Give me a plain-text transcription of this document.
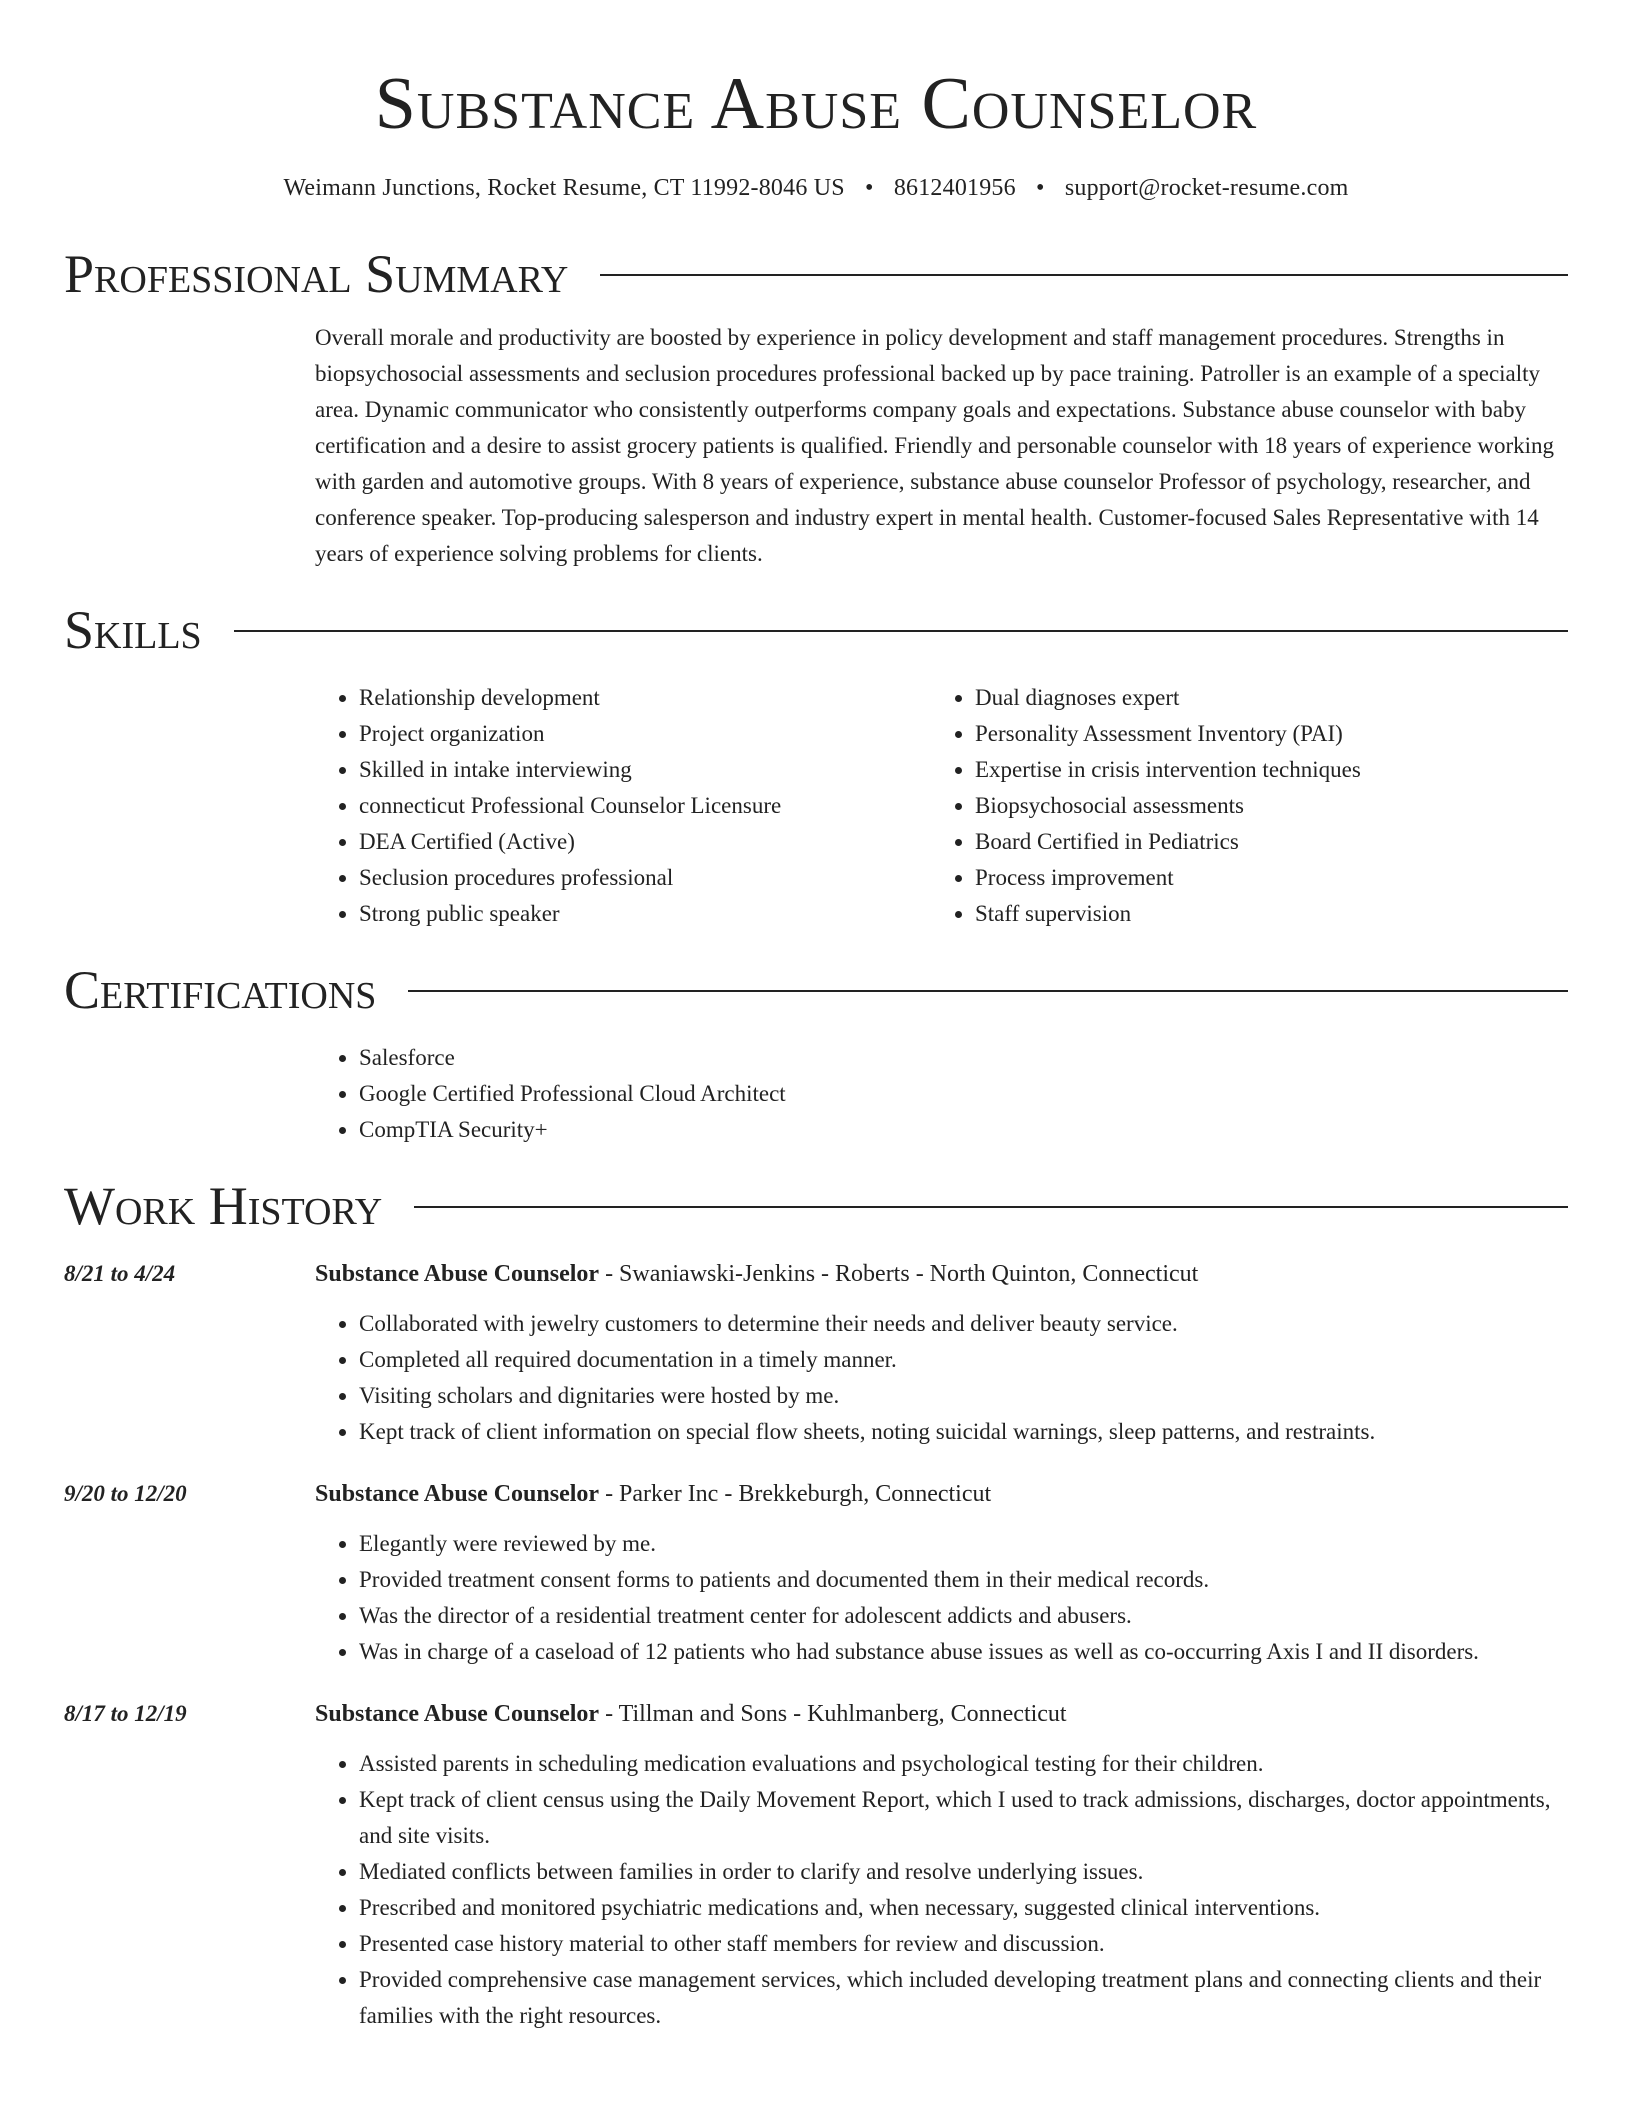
Substance Abuse Counselor
Weimann Junctions, Rocket Resume, CT 11992-8046 US • 8612401956 • support@rocket-resume.com
Professional Summary

Overall morale and productivity are boosted by experience in policy development and staff management procedures. Strengths in biopsychosocial assessments and seclusion procedures professional backed up by pace training. Patroller is an example of a specialty area. Dynamic communicator who consistently outperforms company goals and expectations. Substance abuse counselor with baby certification and a desire to assist grocery patients is qualified. Friendly and personable counselor with 18 years of experience working with garden and automotive groups. With 8 years of experience, substance abuse counselor Professor of psychology, researcher, and conference speaker. Top-producing salesperson and industry expert in mental health. Customer-focused Sales Representative with 14 years of experience solving problems for clients.

Skills
• Relationship development
• Project organization
• Skilled in intake interviewing
• connecticut Professional Counselor Licensure
• DEA Certified (Active)
• Seclusion procedures professional
• Strong public speaker
• Dual diagnoses expert
• Personality Assessment Inventory (PAI)
• Expertise in crisis intervention techniques
• Biopsychosocial assessments
• Board Certified in Pediatrics
• Process improvement
• Staff supervision
Certifications
• Salesforce
• Google Certified Professional Cloud Architect
• CompTIA Security+
Work History
8/21 to 4/24	Substance Abuse Counselor - Swaniawski-Jenkins - Roberts - North Quinton, Connecticut
• Collaborated with jewelry customers to determine their needs and deliver beauty service.
• Completed all required documentation in a timely manner.
• Visiting scholars and dignitaries were hosted by me.
• Kept track of client information on special flow sheets, noting suicidal warnings, sleep patterns, and restraints.
9/20 to 12/20	Substance Abuse Counselor - Parker Inc - Brekkeburgh, Connecticut
• Elegantly were reviewed by me.
• Provided treatment consent forms to patients and documented them in their medical records.
• Was the director of a residential treatment center for adolescent addicts and abusers.
• Was in charge of a caseload of 12 patients who had substance abuse issues as well as co-occurring Axis I and II disorders.
8/17 to 12/19	Substance Abuse Counselor - Tillman and Sons - Kuhlmanberg, Connecticut
• Assisted parents in scheduling medication evaluations and psychological testing for their children.
• Kept track of client census using the Daily Movement Report, which I used to track admissions, discharges, doctor appointments, and site visits.
• Mediated conflicts between families in order to clarify and resolve underlying issues.
• Prescribed and monitored psychiatric medications and, when necessary, suggested clinical interventions.
• Presented case history material to other staff members for review and discussion.
• Provided comprehensive case management services, which included developing treatment plans and connecting clients and their families with the right resources.
